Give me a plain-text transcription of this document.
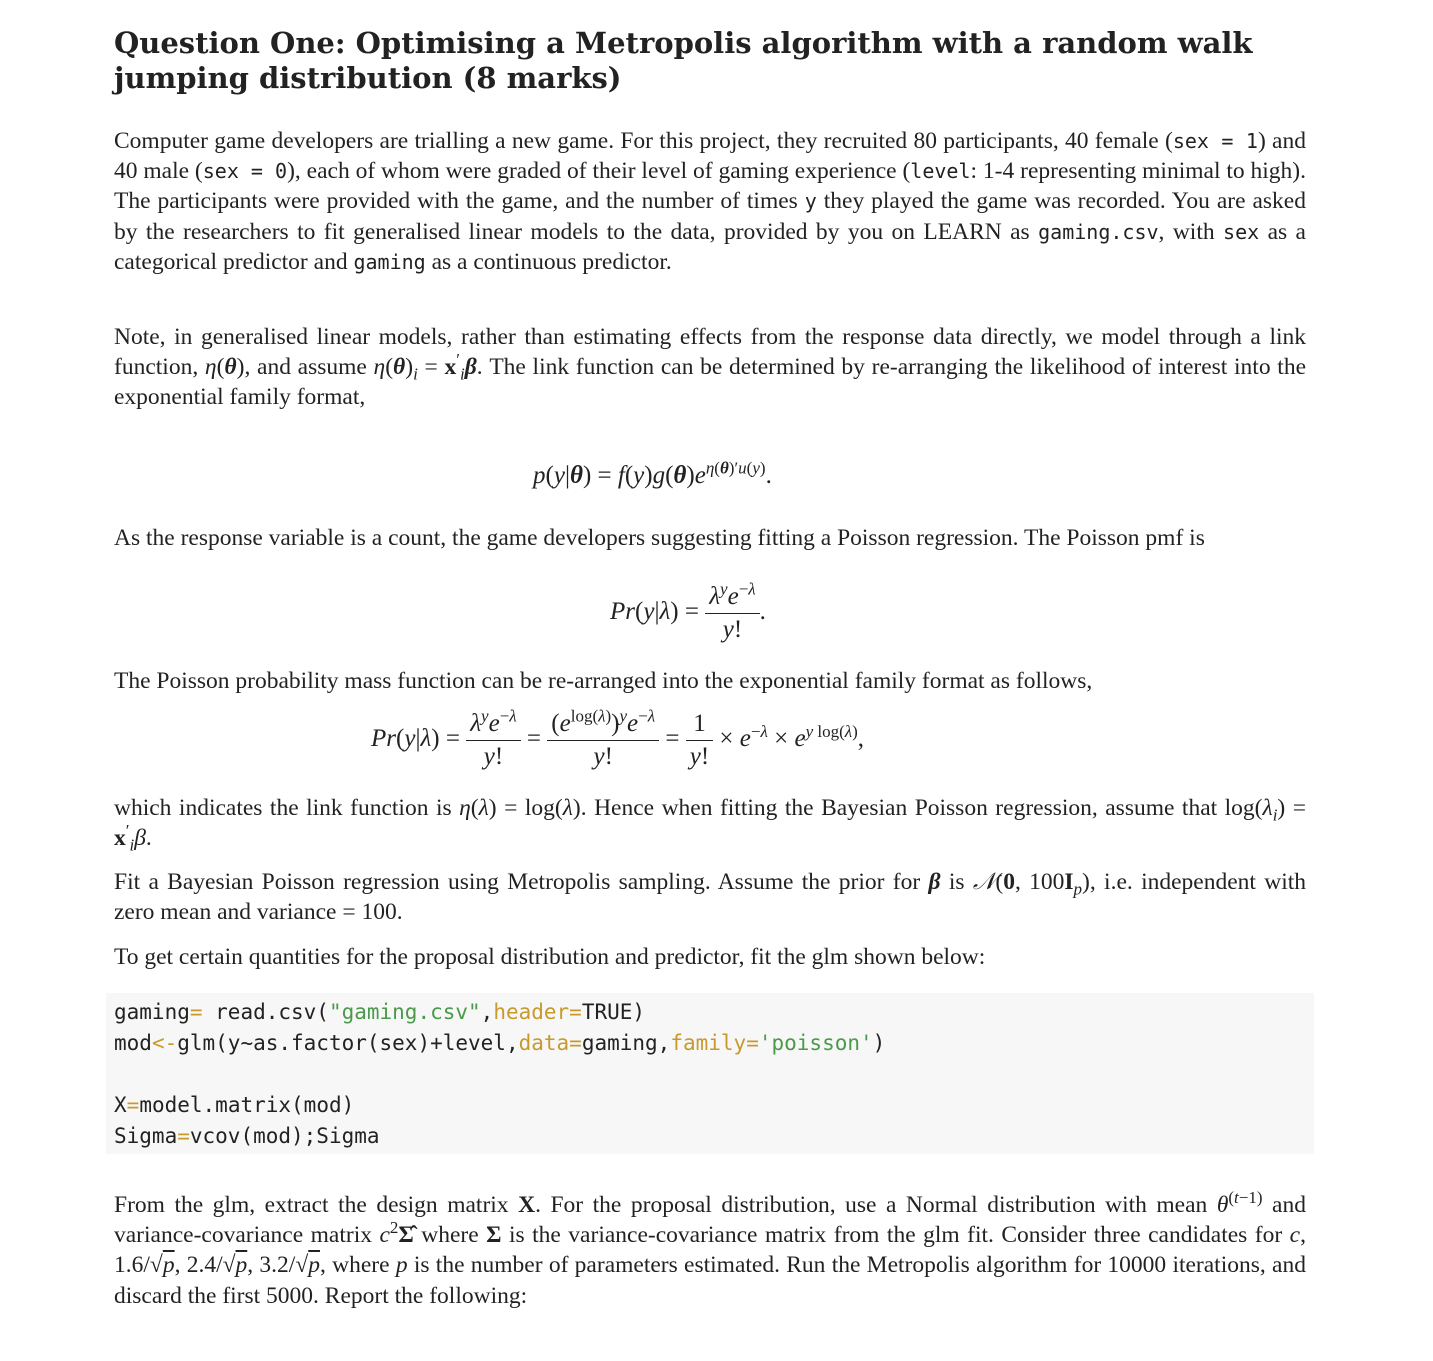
Question One: Optimising a Metropolis algorithm with a random walk jumping distribution (8 marks)

Computer game developers are trialling a new game. For this project, they recruited 80 participants, 40 female (sex = 1) and 40 male (sex = 0), each of whom were graded of their level of gaming experience (level: 1-4 representing minimal to high). The participants were provided with the game, and the number of times y they played the game was recorded. You are asked by the researchers to fit generalised linear models to the data, provided by you on LEARN as gaming.csv, with sex as a categorical predictor and gaming as a continuous predictor.

Note, in generalised linear models, rather than estimating effects from the response data directly, we model through a link function, η(θ), and assume $\eta(\theta)_i = x'_i\beta$. The link function can be determined by re-arranging the likelihood of interest into the exponential family format,

$p(y|\theta) = f(y)g(\theta)e^{\eta(\theta)'u(y)}$.

As the response variable is a count, the game developers suggesting fitting a Poisson regression. The Poisson pmf is

$Pr(y|\lambda) = \frac{\lambda^ye^{-\lambda}}{y!}$ .

The Poisson probability mass function can be re-arranged into the exponential family format as follows,

$Pr(y|\lambda) = \frac{\lambda^ye^{-\lambda}}{y!} = \frac{(e^{log(\lambda)})^ye^{-\lambda}}{y!} = \frac{1}{y!} \times e^{-\lambda} \times e^{y log(\lambda)}$,

which indicates the link function is η(λ) = log(λ). Hence when fitting the Bayesian Poisson regression, assume that $\log(\lambda_i) = x'_i\beta$.

Fit a Bayesian Poisson regression using Metropolis sampling. Assume the prior for β is 𝒩(0, $100I_p$), i.e. independent with zero mean and variance = 100.

To get certain quantities for the proposal distribution and predictor, fit the glm shown below:

gaming= read.csv("gaming.csv",header=TRUE)
mod<-glm(y~as.factor(sex)+level,data=gaming,family='poisson')

X=model.matrix(mod)
Sigma=vcov(mod);Sigma

From the glm, extract the design matrix X. For the proposal distribution, use a Normal distribution with mean $\theta^{(t-1)}$ and variance-covariance matrix $c^2\Sigmâ$ where Σ is the variance-covariance matrix from the glm fit. Consider three candidates for c, 1.6/√p, 2.4/√p, 3.2/√p, where p is the number of parameters estimated. Run the Metropolis algorithm for 10000 iterations, and discard the first 5000. Report the following:
